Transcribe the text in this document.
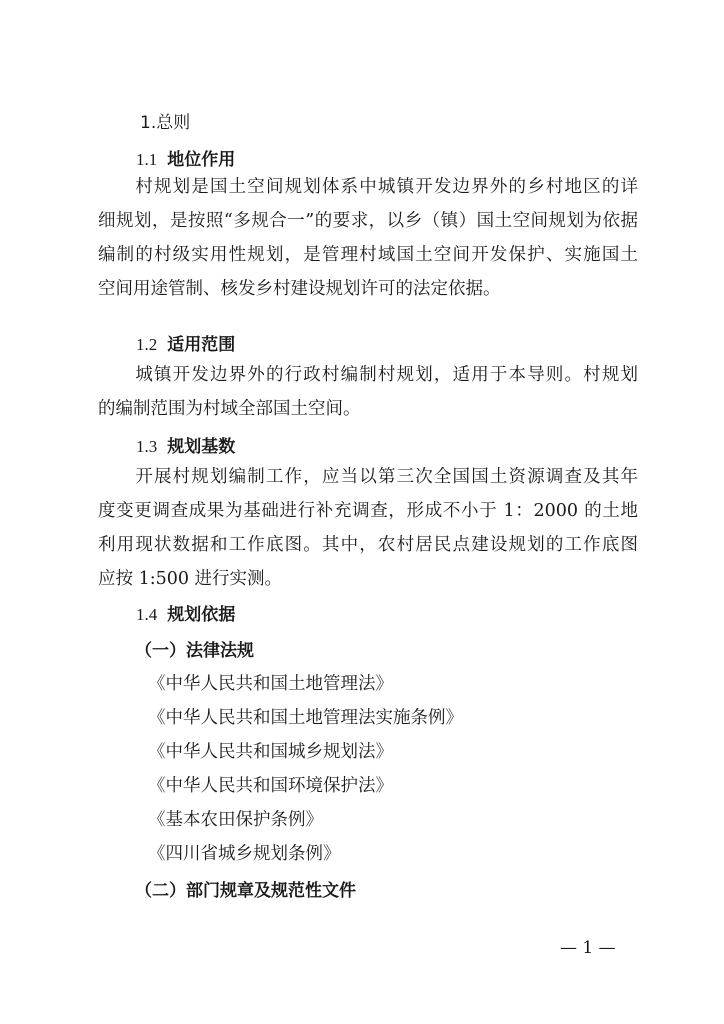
1.总则
1.1 地位作用
　　村规划是国土空间规划体系中城镇开发边界外的乡村地区的详
细规划，是按照“多规合一”的要求，以乡（镇）国土空间规划为依据
编制的村级实用性规划，是管理村域国土空间开发保护、实施国土
空间用途管制、核发乡村建设规划许可的法定依据。
1.2 适用范围
　　城镇开发边界外的行政村编制村规划，适用于本导则。村规划
的编制范围为村域全部国土空间。
1.3 规划基数
　　开展村规划编制工作，应当以第三次全国国土资源调查及其年
度变更调查成果为基础进行补充调查，形成不小于 1：2000 的土地
利用现状数据和工作底图。其中，农村居民点建设规划的工作底图
应按 1:500 进行实测。
1.4 规划依据
（一）法律法规
《中华人民共和国土地管理法》
《中华人民共和国土地管理法实施条例》
《中华人民共和国城乡规划法》
《中华人民共和国环境保护法》
《基本农田保护条例》
《四川省城乡规划条例》
（二）部门规章及规范性文件
— 1 —
